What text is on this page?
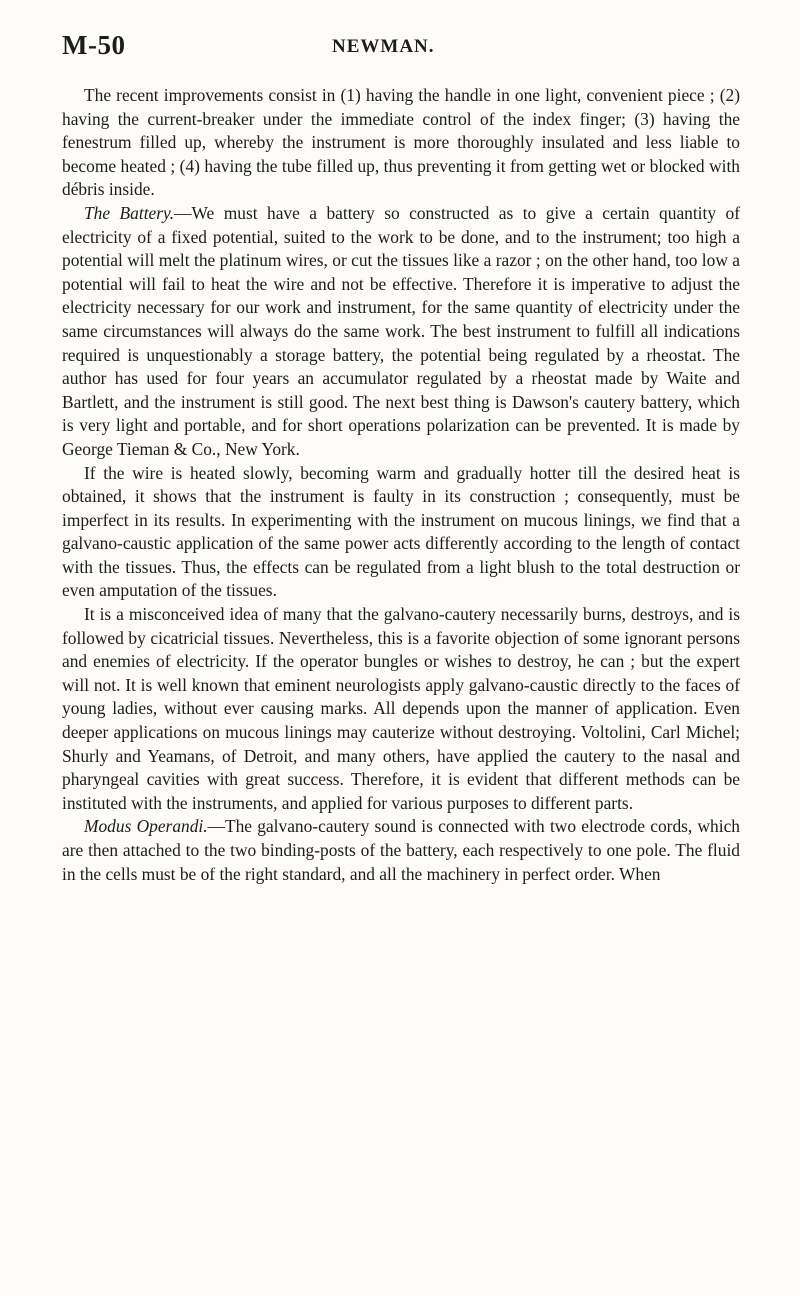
M-50	NEWMAN.

The recent improvements consist in (1) having the handle in one light, convenient piece ; (2) having the current-breaker under the immediate control of the index finger; (3) having the fenestrum filled up, whereby the instrument is more thoroughly insulated and less liable to become heated ; (4) having the tube filled up, thus preventing it from getting wet or blocked with débris inside.

The Battery.—We must have a battery so constructed as to give a certain quantity of electricity of a fixed potential, suited to the work to be done, and to the instrument; too high a potential will melt the platinum wires, or cut the tissues like a razor ; on the other hand, too low a potential will fail to heat the wire and not be effective. Therefore it is imperative to adjust the electricity necessary for our work and instrument, for the same quantity of electricity under the same circumstances will always do the same work. The best instrument to fulfill all indications required is unquestionably a storage battery, the potential being regulated by a rheostat. The author has used for four years an accumulator regulated by a rheostat made by Waite and Bartlett, and the instrument is still good. The next best thing is Dawson's cautery battery, which is very light and portable, and for short operations polarization can be prevented. It is made by George Tieman & Co., New York.

If the wire is heated slowly, becoming warm and gradually hotter till the desired heat is obtained, it shows that the instrument is faulty in its construction ; consequently, must be imperfect in its results. In experimenting with the instrument on mucous linings, we find that a galvano-caustic application of the same power acts differently according to the length of contact with the tissues. Thus, the effects can be regulated from a light blush to the total destruction or even amputation of the tissues.

It is a misconceived idea of many that the galvano-cautery necessarily burns, destroys, and is followed by cicatricial tissues. Nevertheless, this is a favorite objection of some ignorant persons and enemies of electricity. If the operator bungles or wishes to destroy, he can ; but the expert will not. It is well known that eminent neurologists apply galvano-caustic directly to the faces of young ladies, without ever causing marks. All depends upon the manner of application. Even deeper applications on mucous linings may cauterize without destroying. Voltolini, Carl Michel; Shurly and Yeamans, of Detroit, and many others, have applied the cautery to the nasal and pharyngeal cavities with great success. Therefore, it is evident that different methods can be instituted with the instruments, and applied for various purposes to different parts.

Modus Operandi.—The galvano-cautery sound is connected with two electrode cords, which are then attached to the two binding-posts of the battery, each respectively to one pole. The fluid in the cells must be of the right standard, and all the machinery in perfect order. When
